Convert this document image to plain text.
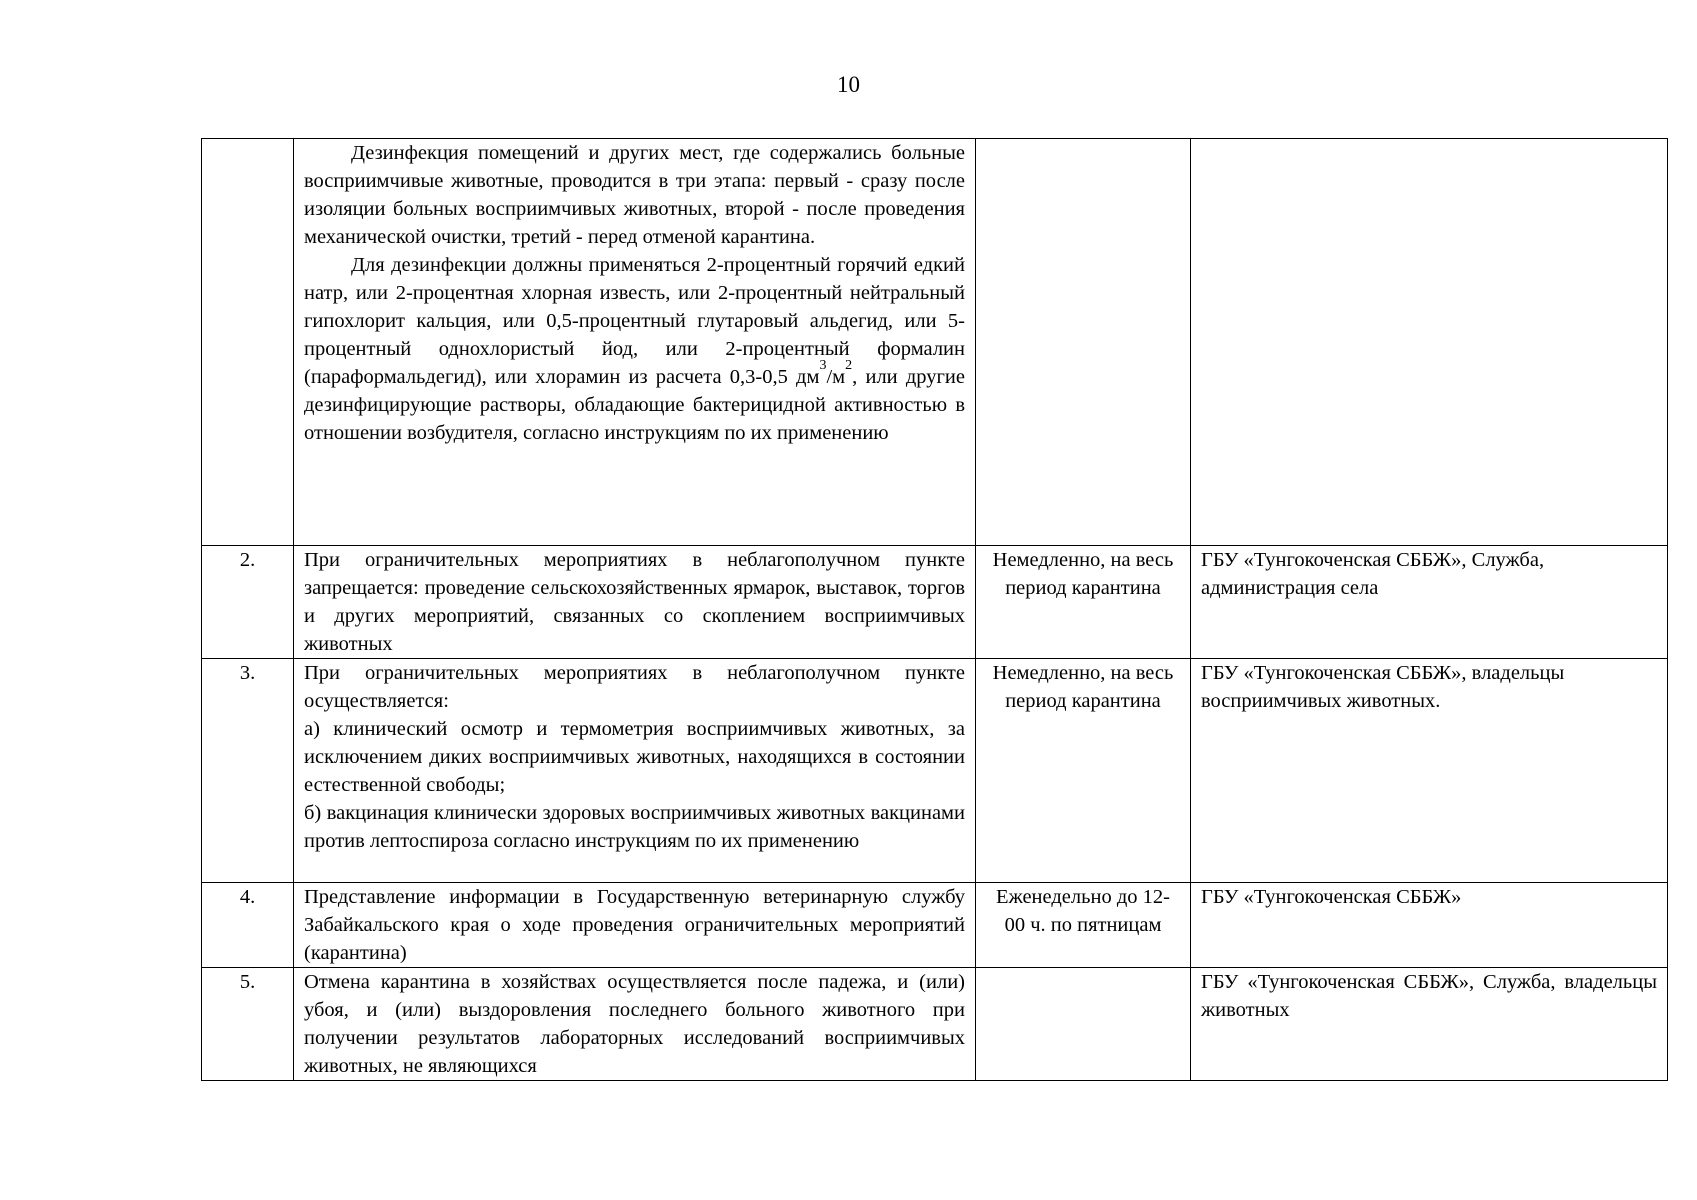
10

	Дезинфекция помещений и других мест, где содержались больные восприимчивые животные, проводится в три этапа: первый - сразу после изоляции больных восприимчивых животных, второй - после проведения механической очистки, третий - перед отменой карантина.

Для дезинфекции должны применяться 2-процентный горячий едкий натр, или 2-процентная хлорная известь, или 2-процентный нейтральный гипохлорит кальция, или 0,5-процентный глутаровый альдегид, или 5-процентный однохлористый йод, или 2-процентный формалин (параформальдегид), или хлорамин из расчета 0,3-0,5 $дм^3/м^2$, или другие дезинфицирующие растворы, обладающие бактерицидной активностью в отношении возбудителя, согласно инструкциям по их применению		

2.	При ограничительных мероприятиях в неблагополучном пункте запрещается: проведение сельскохозяйственных ярмарок, выставок, торгов и других мероприятий, связанных со скоплением восприимчивых животных	Немедленно, на весь период карантина	ГБУ «Тунгокоченская СББЖ», Служба, администрация села

3.	При ограничительных мероприятиях в неблагополучном пункте осуществляется:

а) клинический осмотр и термометрия восприимчивых животных, за исключением диких восприимчивых животных, находящихся в состоянии естественной свободы;

б) вакцинация клинически здоровых восприимчивых животных вакцинами против лептоспироза согласно инструкциям по их применению	Немедленно, на весь период карантина	ГБУ «Тунгокоченская СББЖ», владельцы восприимчивых животных.

4.	Представление информации в Государственную ветеринарную службу Забайкальского края о ходе проведения ограничительных мероприятий (карантина)	Еженедельно до 12-00 ч. по пятницам	ГБУ «Тунгокоченская СББЖ»

5.	Отмена карантина в хозяйствах осуществляется после падежа, и (или) убоя, и (или) выздоровления последнего больного животного при получении результатов лабораторных исследований восприимчивых животных, не являющихся		ГБУ «Тунгокоченская СББЖ», Служба, владельцы животных
